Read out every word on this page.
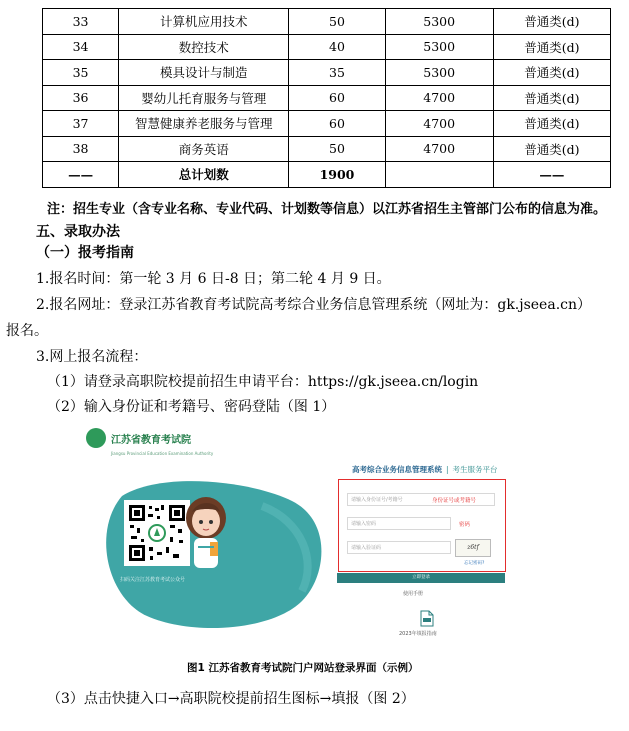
33	计算机应用技术	50	5300	普通类(d)
34	数控技术	40	5300	普通类(d)
35	模具设计与制造	35	5300	普通类(d)
36	婴幼儿托育服务与管理	60	4700	普通类(d)
37	智慧健康养老服务与管理	60	4700	普通类(d)
38	商务英语	50	4700	普通类(d)
——	总计划数	1900		——
注：招生专业（含专业名称、专业代码、计划数等信息）以江苏省招生主管部门公布的信息为准。
五、录取办法
（一）报考指南
1.报名时间：第一轮 3 月 6 日-8 日；第二轮 4 月 9 日。
2.报名网址：登录江苏省教育考试院高考综合业务信息管理系统（网址为：gk.jseea.cn）
报名。
3.网上报名流程：
（1）请登录高职院校提前招生申请平台：https://gk.jseea.cn/login
（2）输入身份证和考籍号、密码登陆（图 1）
江苏省教育考试院
Jiangsu Provincial Education Examination Authority
扫码关注江苏教育考试公众号
高考综合业务信息管理系统 | 考生服务平台
请输入身份证号/考籍号	身份证号或考籍号
请输入密码	密码
请输入验证码	z6tf
忘记密码?
立即登录
使用手册
2023年填报指南
图1 江苏省教育考试院门户网站登录界面（示例）
（3）点击快捷入口→高职院校提前招生图标→填报（图 2）
